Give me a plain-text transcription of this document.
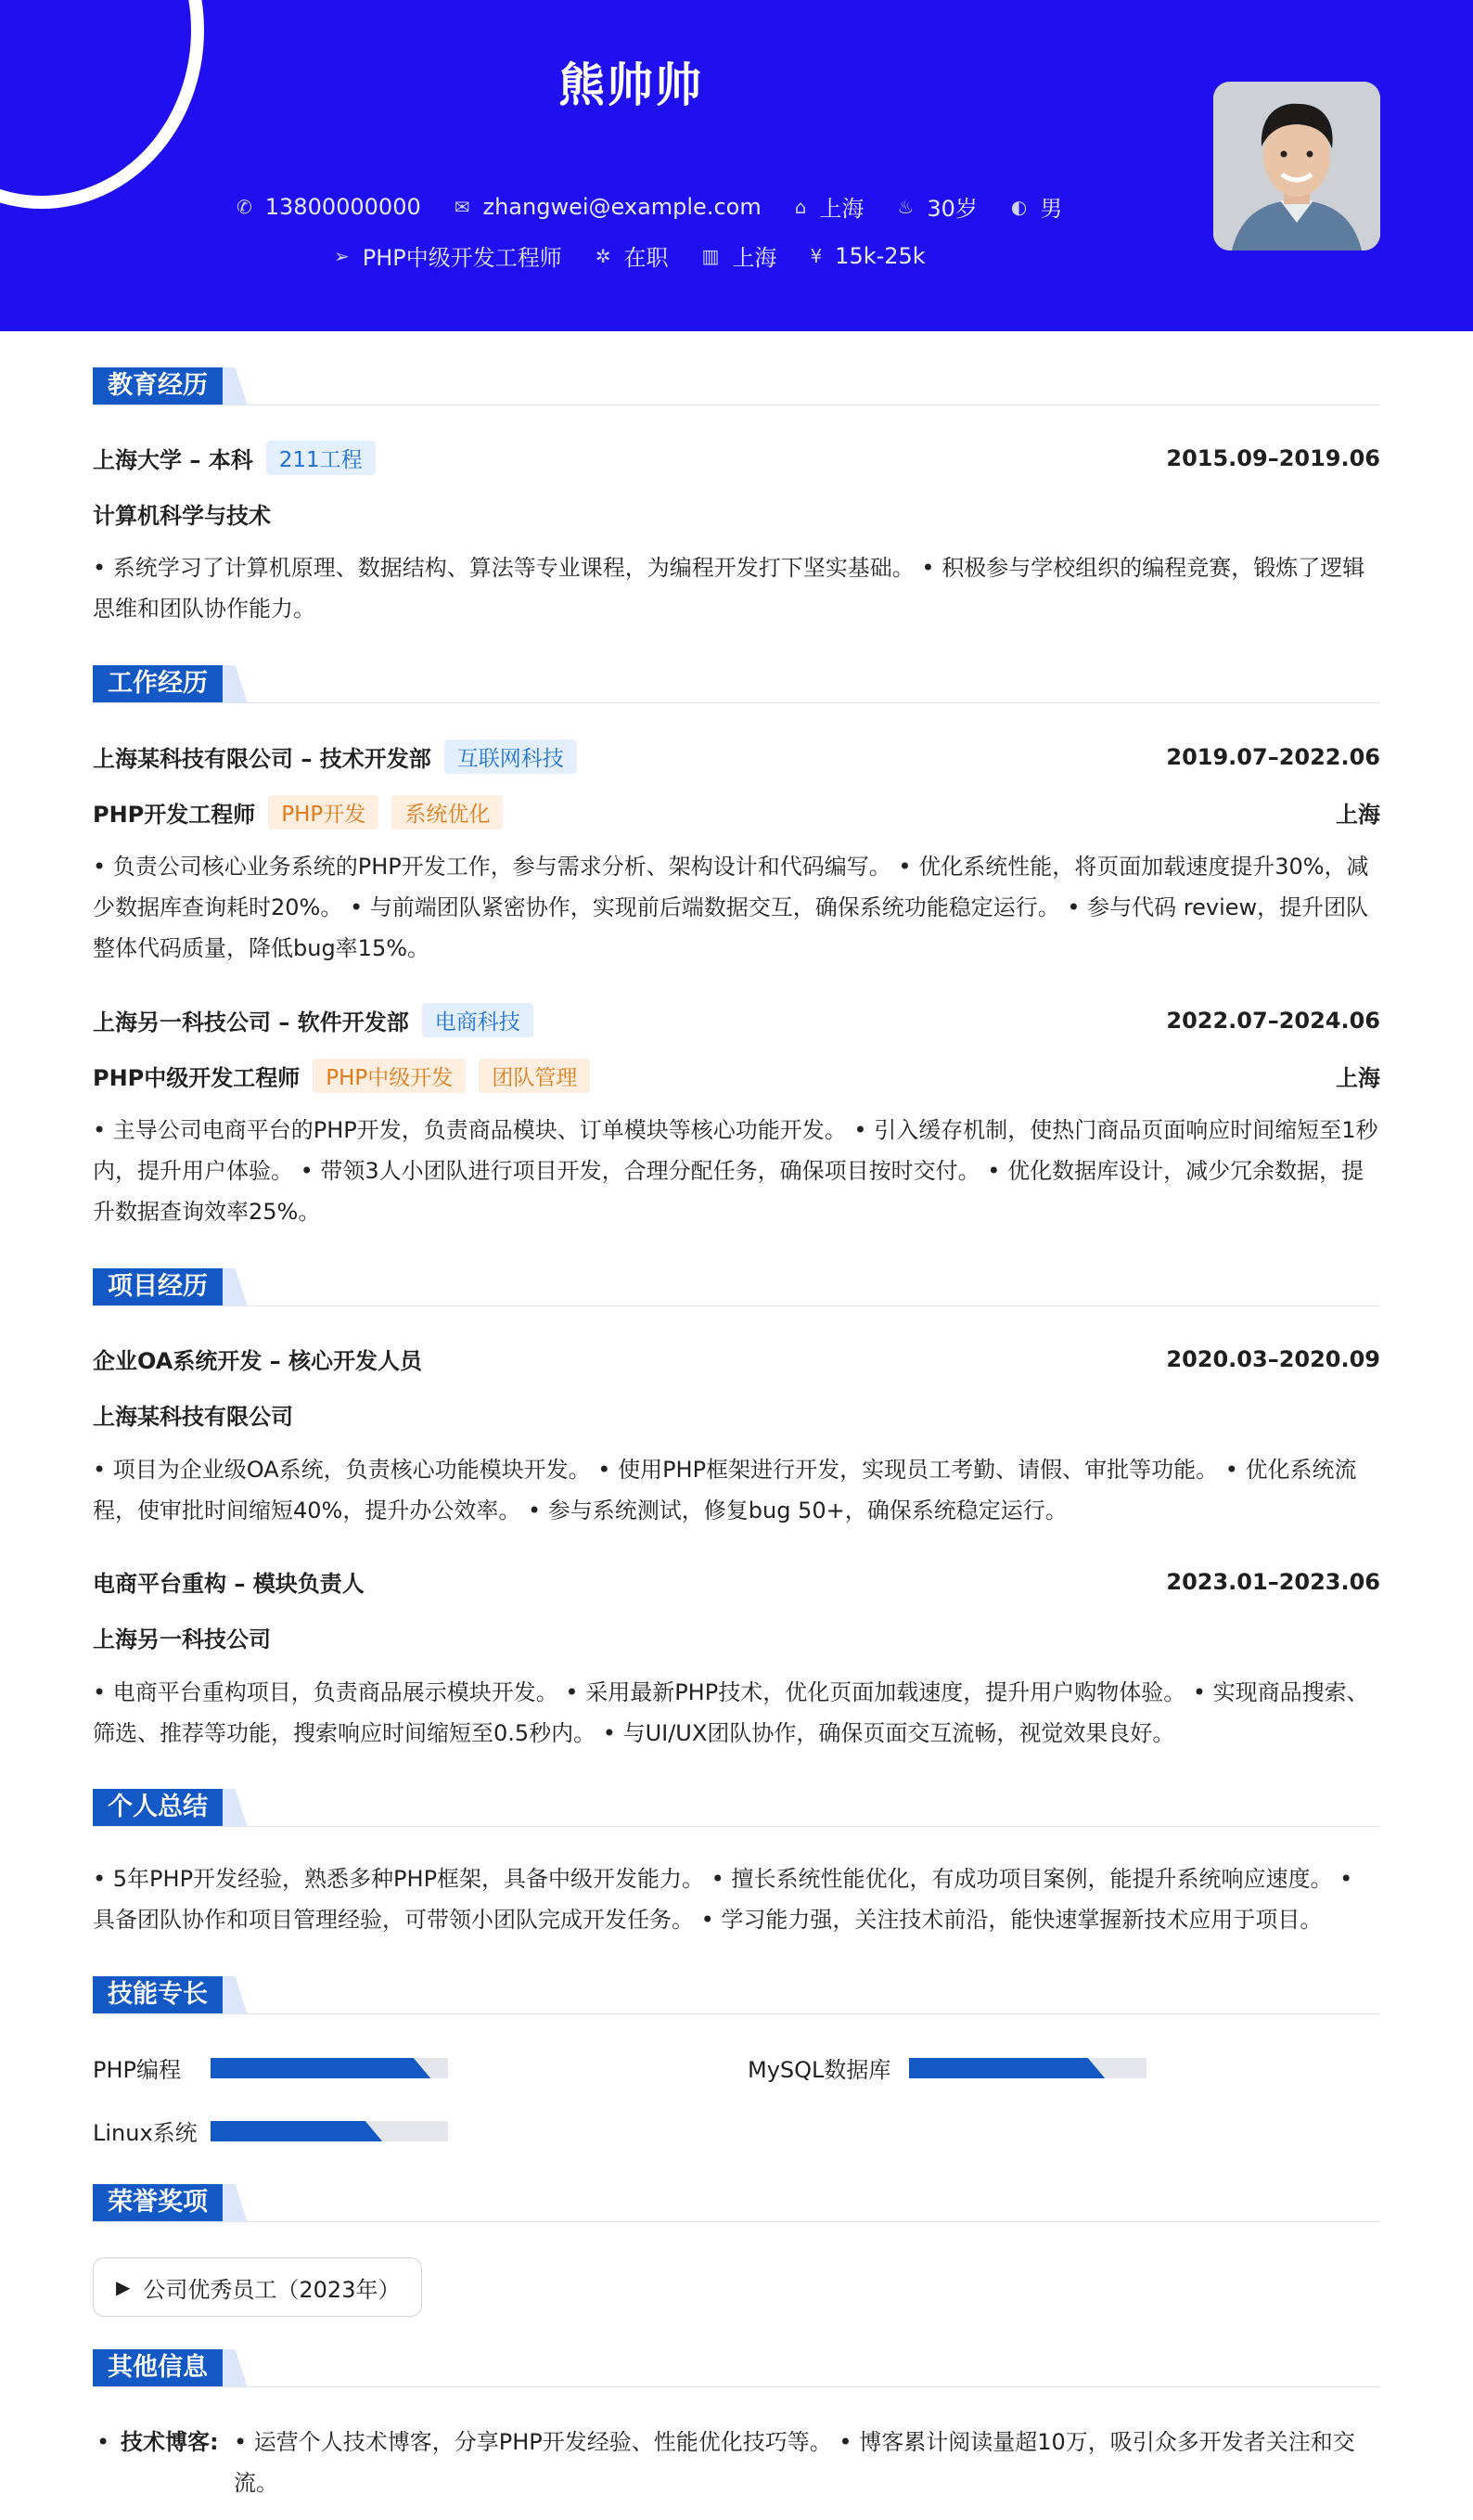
熊帅帅
✆ 13800000000 ✉ zhangwei@example.com ⌂ 上海 ♨ 30岁 ◐ 男
➢ PHP中级开发工程师 ✲ 在职 ▥ 上海 ¥ 15k-25k
教育经历
上海大学 – 本科	211工程	2015.09–2019.06
计算机科学与技术
• 系统学习了计算机原理、数据结构、算法等专业课程，为编程开发打下坚实基础。 • 积极参与学校组织的编程竞赛，锻炼了逻辑思维和团队协作能力。
工作经历
上海某科技有限公司 – 技术开发部	互联网科技	2019.07–2022.06
PHP开发工程师	PHP开发	系统优化	上海
• 负责公司核心业务系统的PHP开发工作，参与需求分析、架构设计和代码编写。 • 优化系统性能，将页面加载速度提升30%，减少数据库查询耗时20%。 • 与前端团队紧密协作，实现前后端数据交互，确保系统功能稳定运行。 • 参与代码 review，提升团队整体代码质量，降低bug率15%。
上海另一科技公司 – 软件开发部	电商科技	2022.07–2024.06
PHP中级开发工程师	PHP中级开发	团队管理	上海
• 主导公司电商平台的PHP开发，负责商品模块、订单模块等核心功能开发。 • 引入缓存机制，使热门商品页面响应时间缩短至1秒内，提升用户体验。 • 带领3人小团队进行项目开发，合理分配任务，确保项目按时交付。 • 优化数据库设计，减少冗余数据，提升数据查询效率25%。
项目经历
企业OA系统开发 – 核心开发人员	2020.03–2020.09
上海某科技有限公司
• 项目为企业级OA系统，负责核心功能模块开发。 • 使用PHP框架进行开发，实现员工考勤、请假、审批等功能。 • 优化系统流程，使审批时间缩短40%，提升办公效率。 • 参与系统测试，修复bug 50+，确保系统稳定运行。
电商平台重构 – 模块负责人	2023.01–2023.06
上海另一科技公司
• 电商平台重构项目，负责商品展示模块开发。 • 采用最新PHP技术，优化页面加载速度，提升用户购物体验。 • 实现商品搜索、筛选、推荐等功能，搜索响应时间缩短至0.5秒内。 • 与UI/UX团队协作，确保页面交互流畅，视觉效果良好。
个人总结
• 5年PHP开发经验，熟悉多种PHP框架，具备中级开发能力。 • 擅长系统性能优化，有成功项目案例，能提升系统响应速度。 • 具备团队协作和项目管理经验，可带领小团队完成开发任务。 • 学习能力强，关注技术前沿，能快速掌握新技术应用于项目。
技能专长
PHP编程	MySQL数据库
Linux系统
荣誉奖项
▶ 公司优秀员工（2023年）
其他信息
• 技术博客: • 运营个人技术博客，分享PHP开发经验、性能优化技巧等。 • 博客累计阅读量超10万，吸引众多开发者关注和交流。
